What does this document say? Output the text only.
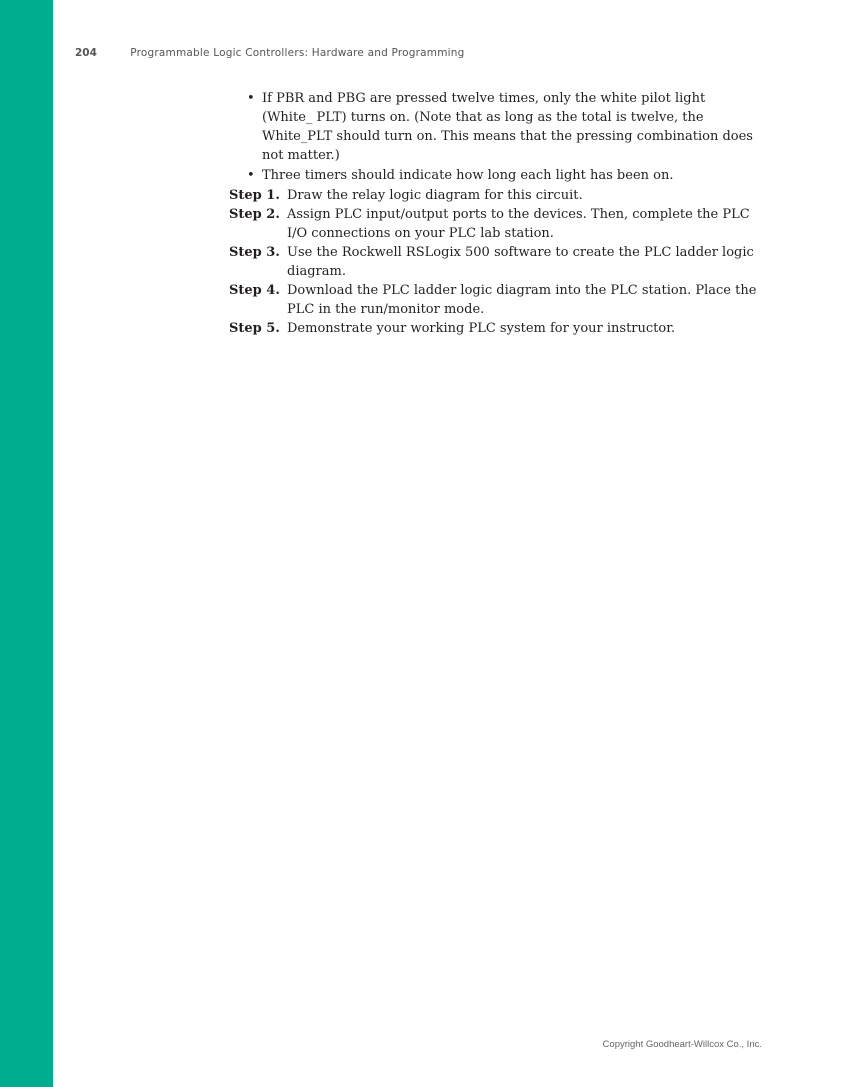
204	Programmable Logic Controllers: Hardware and Programming
• If PBR and PBG are pressed twelve times, only the white pilot light (White_ PLT) turns on. (Note that as long as the total is twelve, the White_PLT should turn on. This means that the pressing combination does not matter.)
• Three timers should indicate how long each light has been on.
Step 1. Draw the relay logic diagram for this circuit.
Step 2. Assign PLC input/output ports to the devices. Then, complete the PLC I/O connections on your PLC lab station.
Step 3. Use the Rockwell RSLogix 500 software to create the PLC ladder logic diagram.
Step 4. Download the PLC ladder logic diagram into the PLC station. Place the PLC in the run/monitor mode.
Step 5. Demonstrate your working PLC system for your instructor.
Copyright Goodheart-Willcox Co., Inc.
